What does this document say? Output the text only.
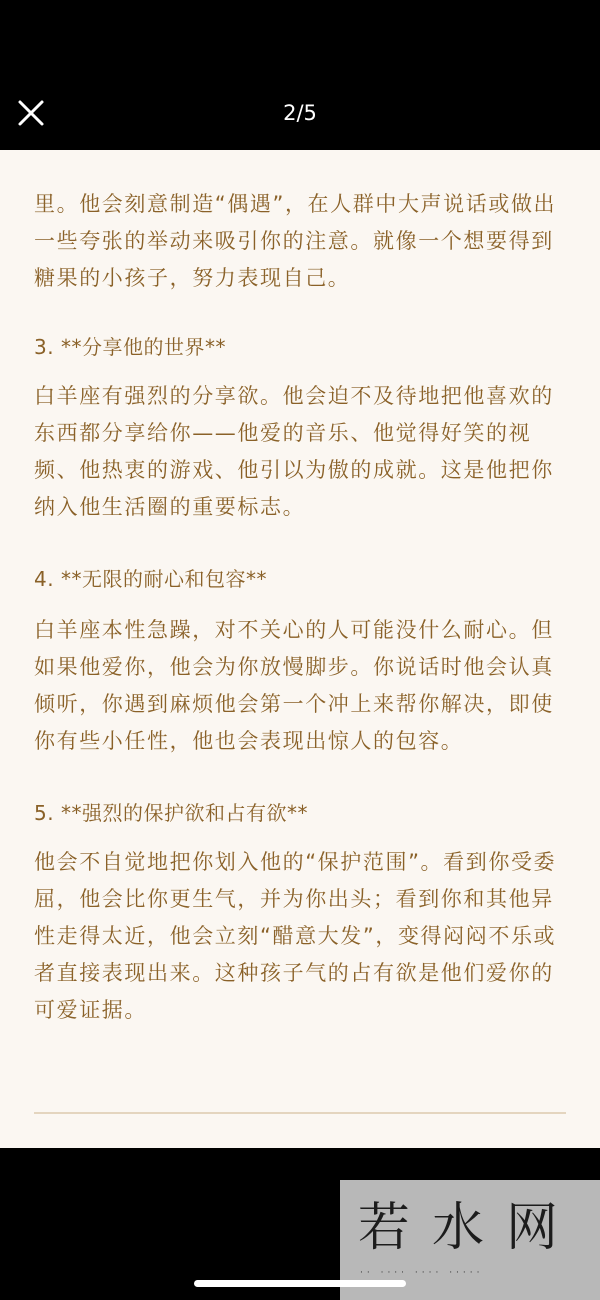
2/5

里。他会刻意制造“偶遇”，在人群中大声说话或做出
一些夸张的举动来吸引你的注意。就像一个想要得到
糖果的小孩子，努力表现自己。

3. **分享他的世界**

白羊座有强烈的分享欲。他会迫不及待地把他喜欢的
东西都分享给你——他爱的音乐、他觉得好笑的视
频、他热衷的游戏、他引以为傲的成就。这是他把你
纳入他生活圈的重要标志。

4. **无限的耐心和包容**

白羊座本性急躁，对不关心的人可能没什么耐心。但
如果他爱你，他会为你放慢脚步。你说话时他会认真
倾听，你遇到麻烦他会第一个冲上来帮你解决，即使
你有些小任性，他也会表现出惊人的包容。

5. **强烈的保护欲和占有欲**

他会不自觉地把你划入他的“保护范围”。看到你受委
屈，他会比你更生气，并为你出头；看到你和其他异
性走得太近，他会立刻“醋意大发”，变得闷闷不乐或
者直接表现出来。这种孩子气的占有欲是他们爱你的
可爱证据。

若水网
·· ···· ···· ·····
